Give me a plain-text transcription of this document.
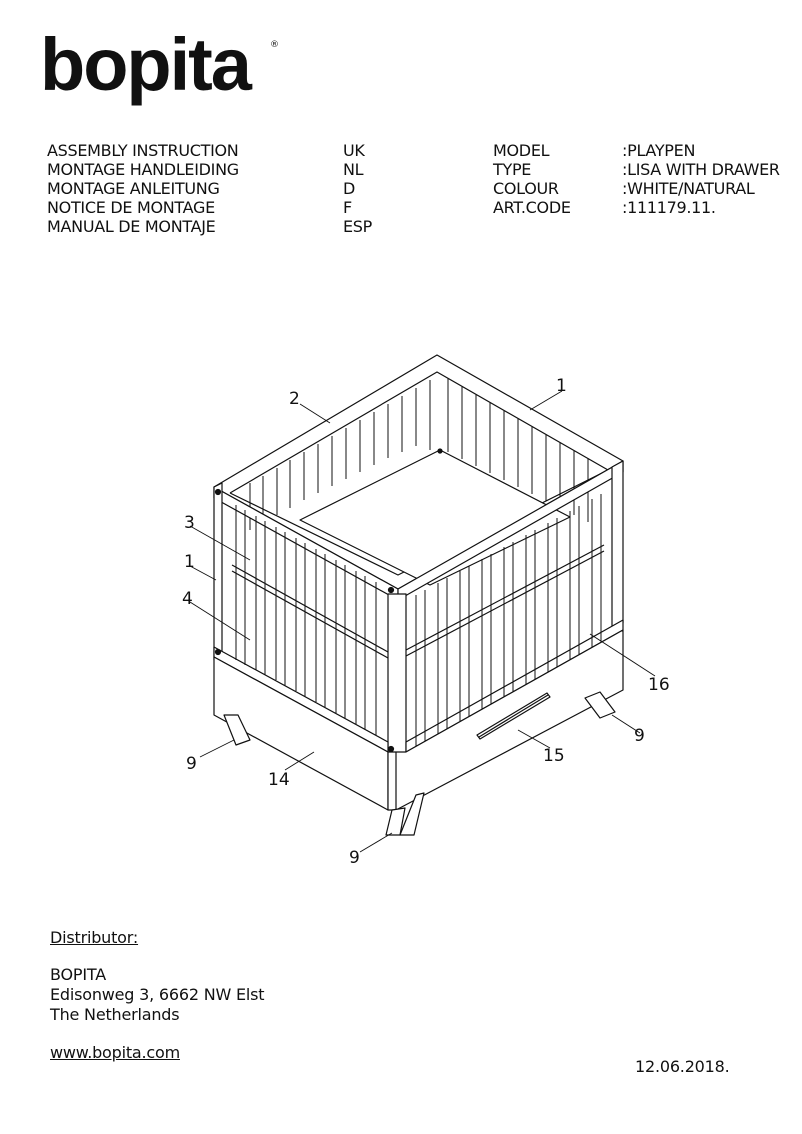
bopita ®
ASSEMBLY INSTRUCTION
MONTAGE HANDLEIDING
MONTAGE ANLEITUNG
NOTICE DE MONTAGE
MANUAL DE MONTAJE
UK
NL
D
F
ESP
MODEL
TYPE
COLOUR
ART.CODE
:PLAYPEN
:LISA WITH DRAWER
:WHITE/NATURAL
:111179.11.
1
2
3
1
4
16
9
15
9
14
9
Distributor:
BOPITA
Edisonweg 3, 6662 NW Elst
The Netherlands
www.bopita.com
12.06.2018.
